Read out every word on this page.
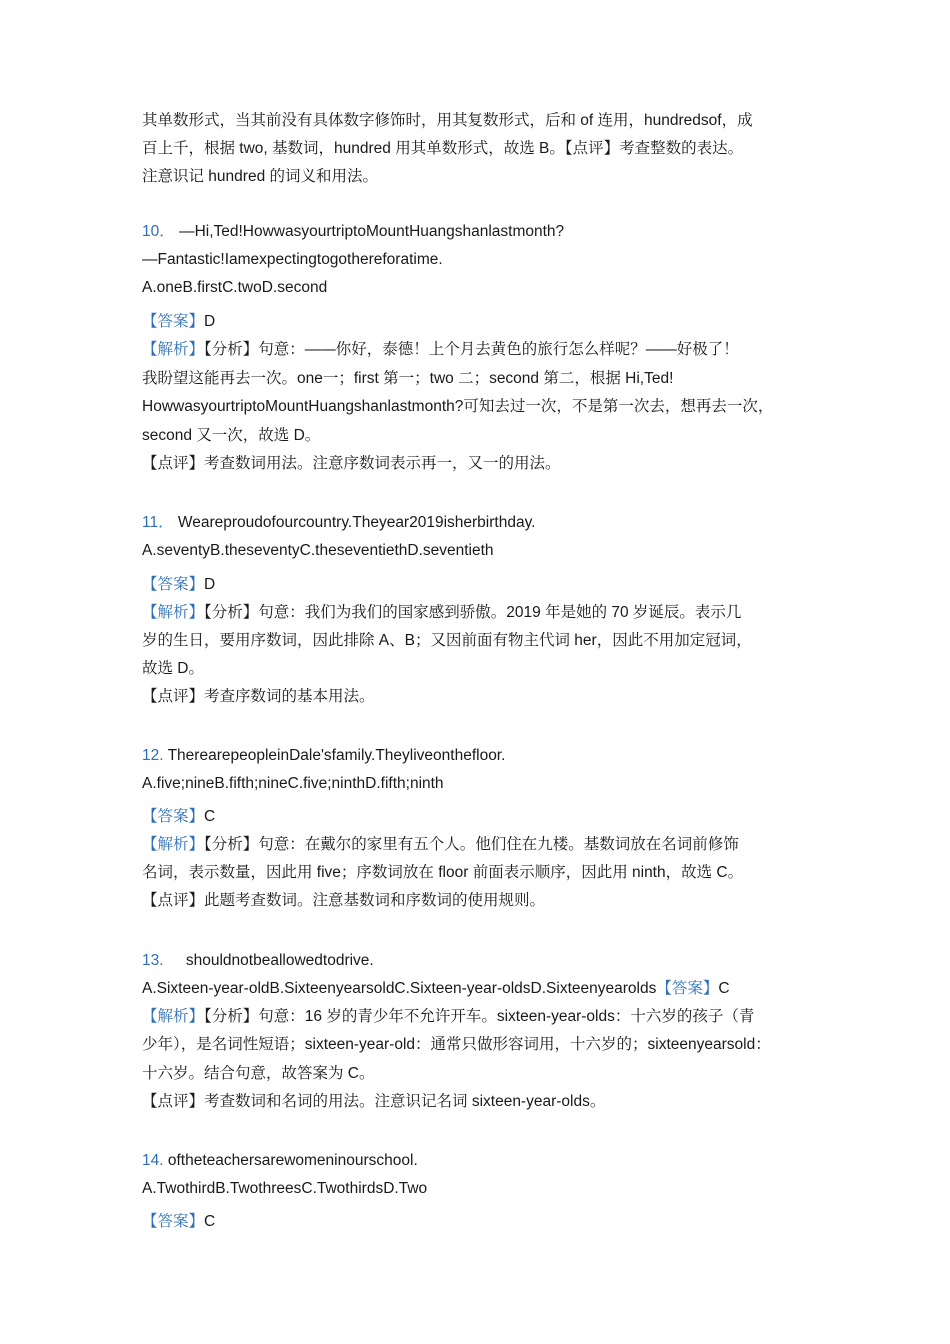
其单数形式，当其前没有具体数字修饰时，用其复数形式，后和 of 连用，hundredsof，成
百上千，根据 two, 基数词，hundred 用其单数形式，故选 B。【点评】考查整数的表达。
注意识记 hundred 的词义和用法。
10． —Hi,Ted!HowwasyourtriptoMountHuangshanlastmonth?
—Fantastic!Iamexpectingtogothereforatime.
A.oneB.firstC.twoD.second
【答案】D
【解析】【分析】句意：——你好，泰德！上个月去黄色的旅行怎么样呢？——好极了！
我盼望这能再去一次。one一；first 第一；two 二；second 第二，根据 Hi,Ted!
HowwasyourtriptoMountHuangshanlastmonth?可知去过一次，不是第一次去，想再去一次，
second 又一次，故选 D。
【点评】考查数词用法。注意序数词表示再一，又一的用法。
11． Weareproudofourcountry.Theyear2019isherbirthday.
A.seventyB.theseventyC.theseventiethD.seventieth
【答案】D
【解析】【分析】句意：我们为我们的国家感到骄傲。2019 年是她的 70 岁诞辰。表示几
岁的生日，要用序数词，因此排除 A、B；又因前面有物主代词 her，因此不用加定冠词，
故选 D。
【点评】考查序数词的基本用法。
12. TherearepeopleinDale'sfamily.Theyliveonthefloor.
A.five;nineB.fifth;nineC.five;ninthD.fifth;ninth
【答案】C
【解析】【分析】句意：在戴尔的家里有五个人。他们住在九楼。基数词放在名词前修饰
名词，表示数量，因此用 five；序数词放在 floor 前面表示顺序，因此用 ninth，故选 C。
【点评】此题考查数词。注意基数词和序数词的使用规则。
13. shouldnotbeallowedtodrive.
A.Sixteen-year-oldB.SixteenyearsoldC.Sixteen-year-oldsD.Sixteenyearolds【答案】C
【解析】【分析】句意：16 岁的青少年不允许开车。sixteen-year-olds：十六岁的孩子（青
少年），是名词性短语；sixteen-year-old：通常只做形容词用，十六岁的；sixteenyearsold：
十六岁。结合句意，故答案为 C。
【点评】考查数词和名词的用法。注意识记名词 sixteen-year-olds。
14. oftheteachersarewomeninourschool.
A.TwothirdB.TwothreesC.TwothirdsD.Two
【答案】C
